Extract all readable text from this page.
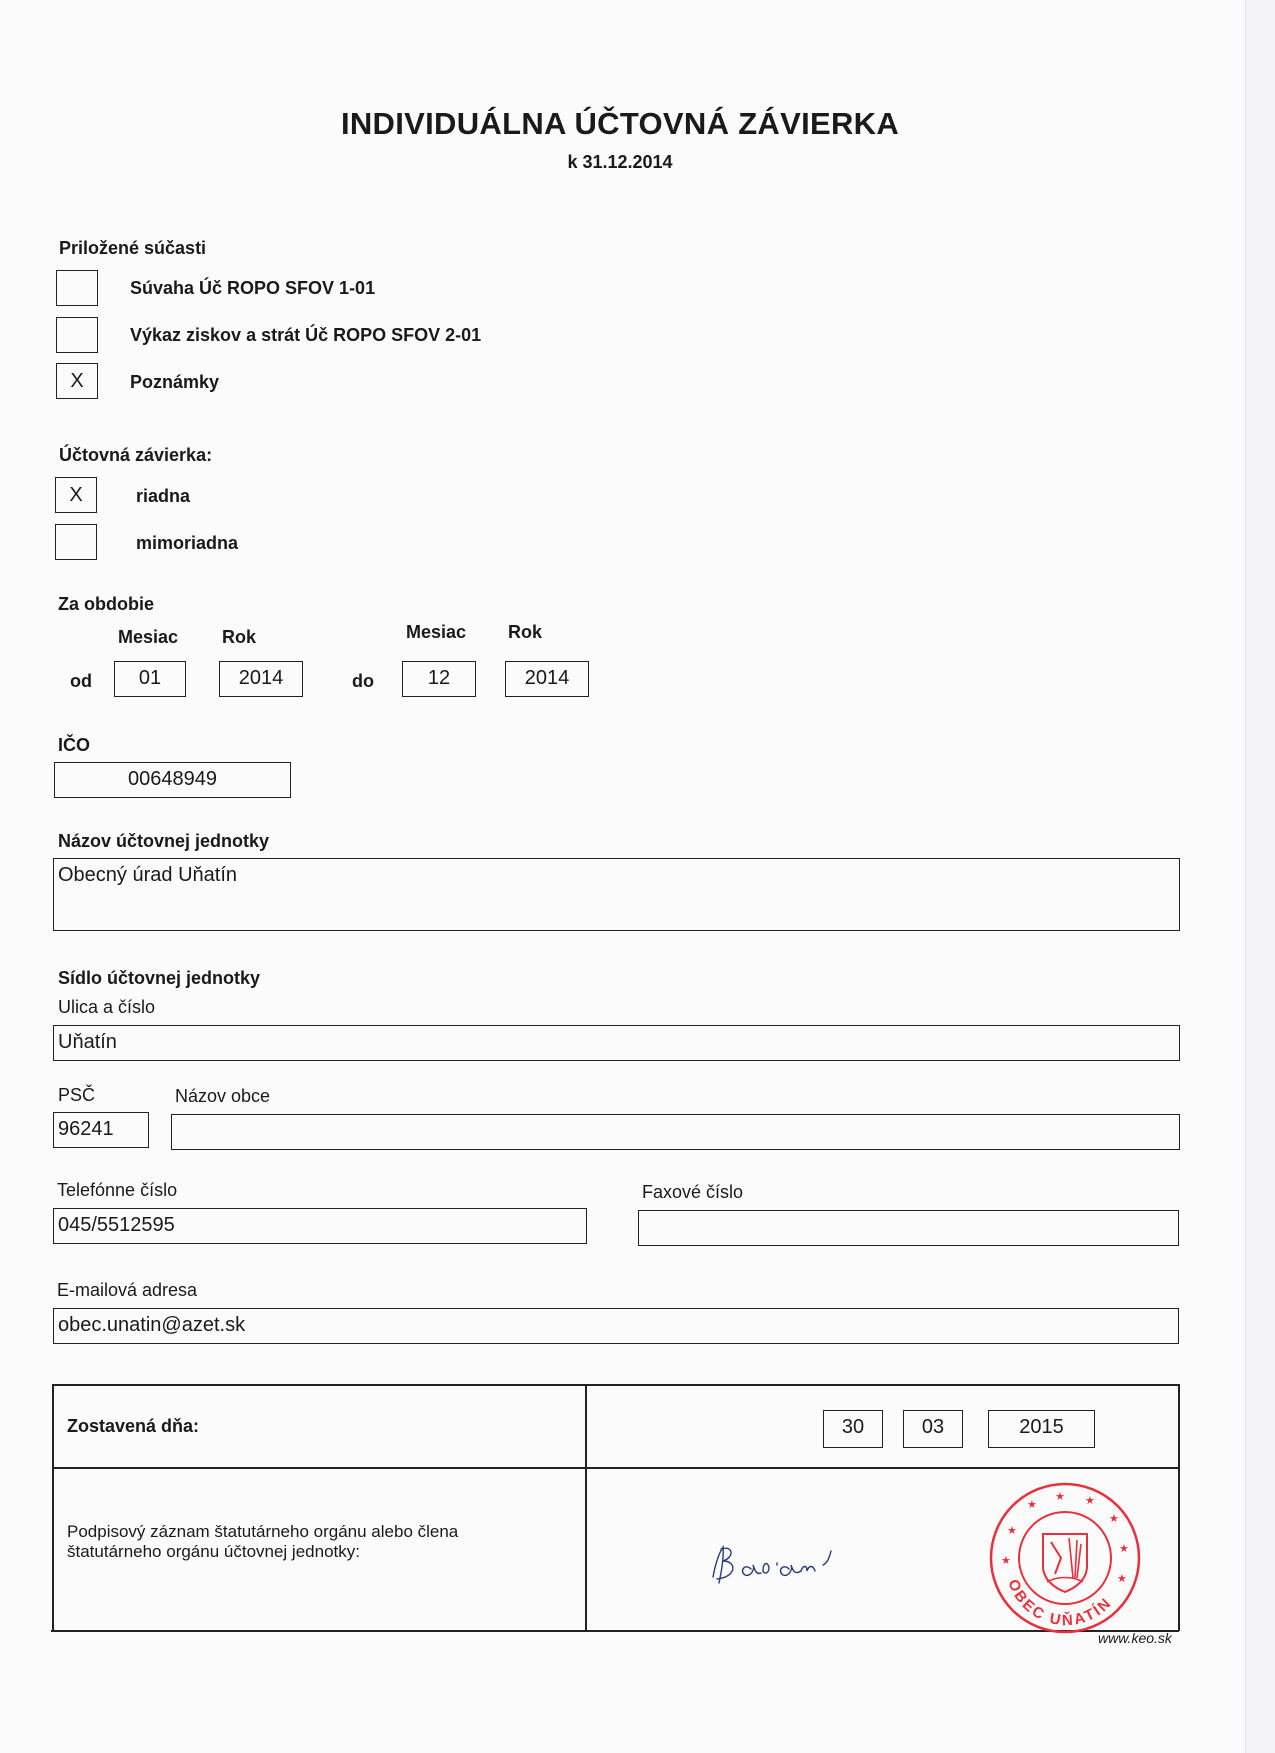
INDIVIDUÁLNA ÚČTOVNÁ ZÁVIERKA
k 31.12.2014
Priložené súčasti
Súvaha Úč ROPO SFOV 1-01
Výkaz ziskov a strát Úč ROPO SFOV 2-01
X	Poznámky
Účtovná závierka:
X	riadna
mimoriadna
Za obdobie
Mesiac Rok	Mesiac Rok
od	01	2014	do	12	2014
IČO
00648949
Názov účtovnej jednotky
Obecný úrad Uňatín
Sídlo účtovnej jednotky
Ulica a číslo
Uňatín
PSČ	Názov obce
96241
Telefónne číslo	Faxové číslo
045/5512595
E-mailová adresa
obec.unatin@azet.sk
Zostavená dňa:	30	03	2015
Podpisový záznam štatutárneho orgánu alebo člena
štatutárneho orgánu účtovnej jednotky:
★
★ ★
★
★
★
★
★
OBEC UŇATÍN
www.keo.sk
